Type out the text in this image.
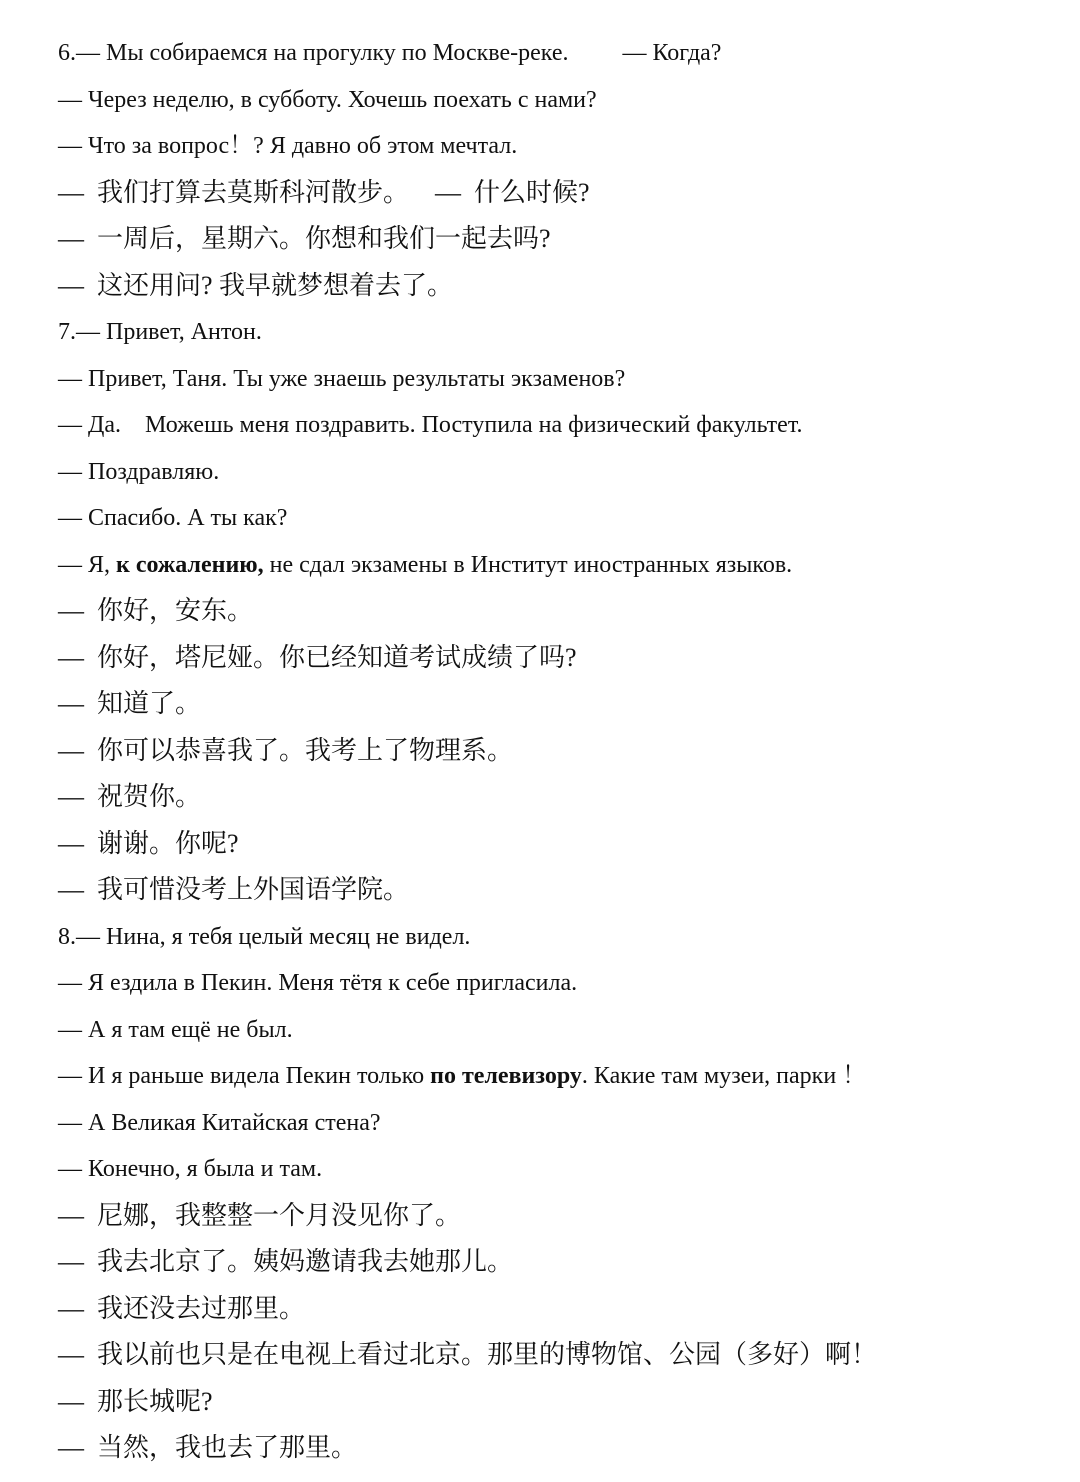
6.— Мы собираемся на прогулку по Москве-реке.         — Когда?
— Через неделю, в субботу. Хочешь поехать с нами?
— Что за вопрос！? Я давно об этом мечтал.
—  我们打算去莫斯科河散步。    —  什么时候?
—  一周后，星期六。你想和我们一起去吗?
—  这还用问? 我早就梦想着去了。
7.— Привет, Антон.
— Привет, Таня. Ты уже знаешь результаты экзаменов?
— Да.    Можешь меня поздравить. Поступила на физический факультет.
— Поздравляю.
— Спасибо. А ты как?
— Я, к сожалению, не сдал экзамены в Институт иностранных языков.
—  你好，安东。
—  你好，塔尼娅。你已经知道考试成绩了吗?
—  知道了。
—  你可以恭喜我了。我考上了物理系。
—  祝贺你。
—  谢谢。你呢?
—  我可惜没考上外国语学院。
8.— Нина, я тебя целый месяц не видел.
— Я ездила в Пекин. Меня тётя к себе пригласила.
— А я там ещё не был.
— И я раньше видела Пекин только по телевизору. Какие там музеи, парки ！
— А Великая Китайская стена?
— Конечно, я была и там.
—  尼娜，我整整一个月没见你了。
—  我去北京了。姨妈邀请我去她那儿。
—  我还没去过那里。
—  我以前也只是在电视上看过北京。那里的博物馆、公园（多好）啊！
—  那长城呢?
—  当然，我也去了那里。
